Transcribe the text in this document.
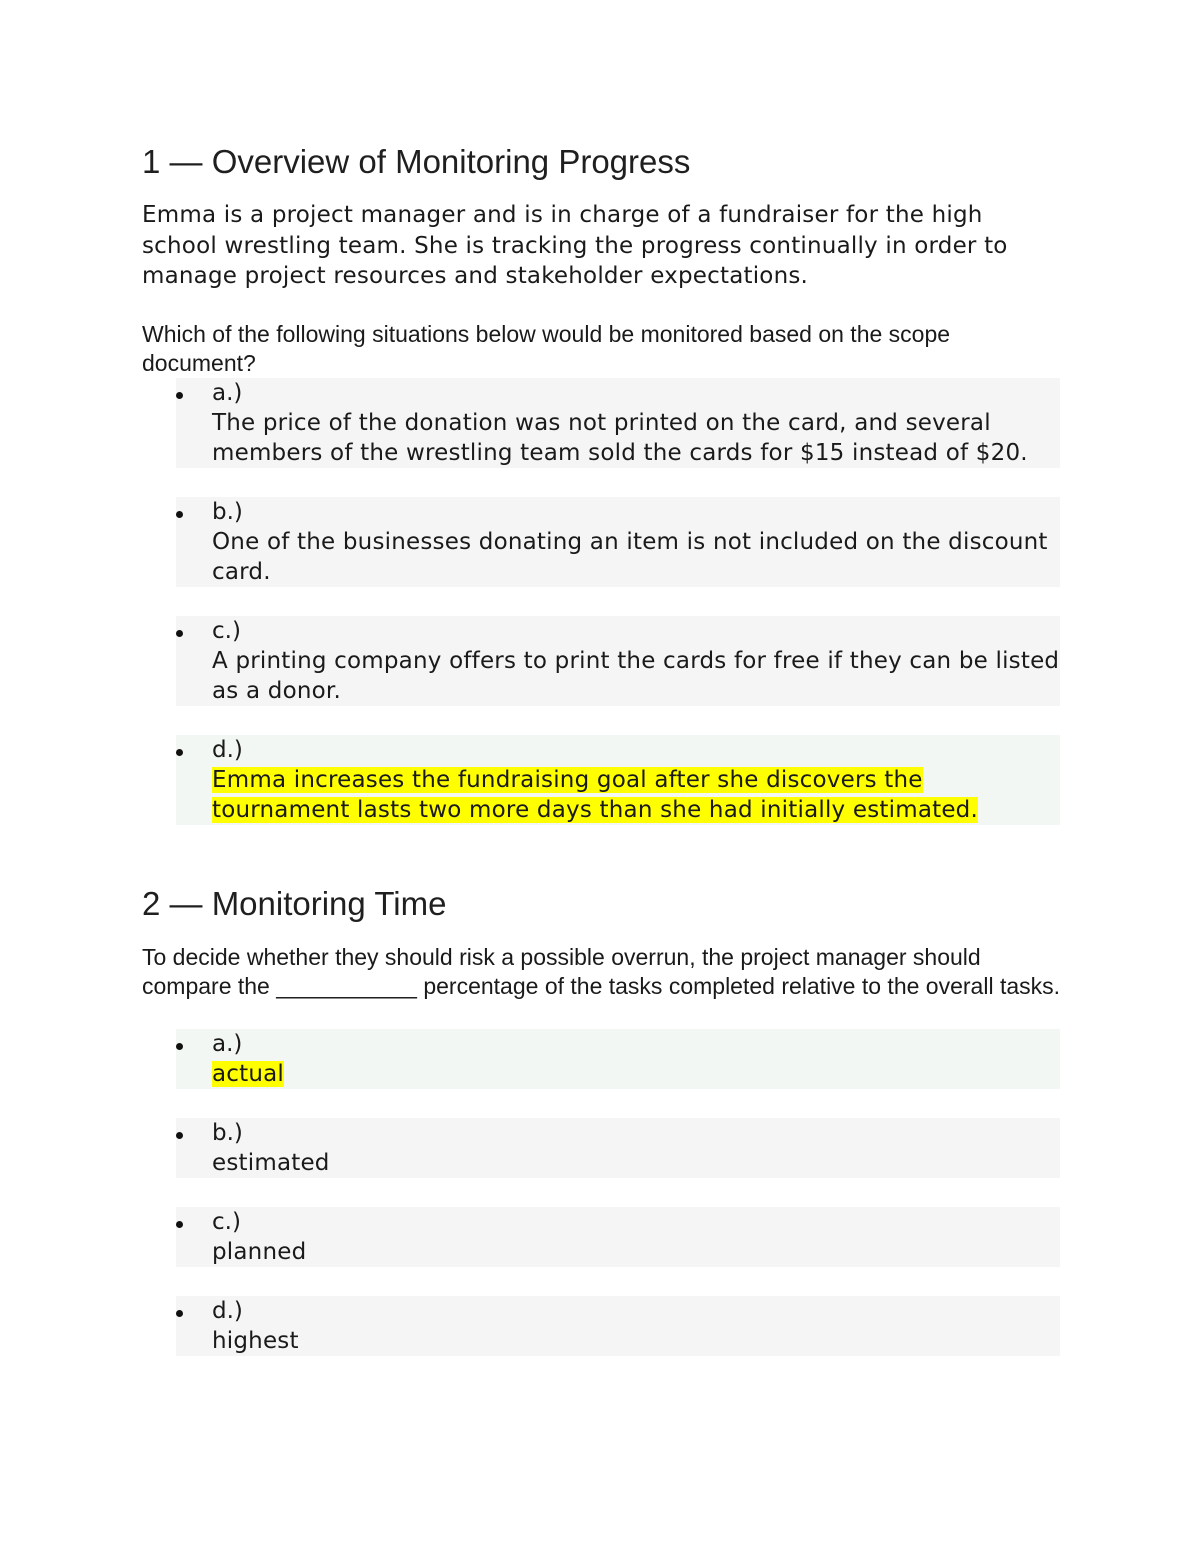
1 — Overview of Monitoring Progress
Emma is a project manager and is in charge of a fundraiser for the high school wrestling team. She is tracking the progress continually in order to manage project resources and stakeholder expectations.
Which of the following situations below would be monitored based on the scope document?
a.)
The price of the donation was not printed on the card, and several members of the wrestling team sold the cards for $15 instead of $20.
b.)
One of the businesses donating an item is not included on the discount card.
c.)
A printing company offers to print the cards for free if they can be listed as a donor.
d.)
Emma increases the fundraising goal after she discovers the tournament lasts two more days than she had initially estimated.
2 — Monitoring Time
To decide whether they should risk a possible overrun, the project manager should compare the ___________ percentage of the tasks completed relative to the overall tasks.
a.)
actual
b.)
estimated
c.)
planned
d.)
highest
